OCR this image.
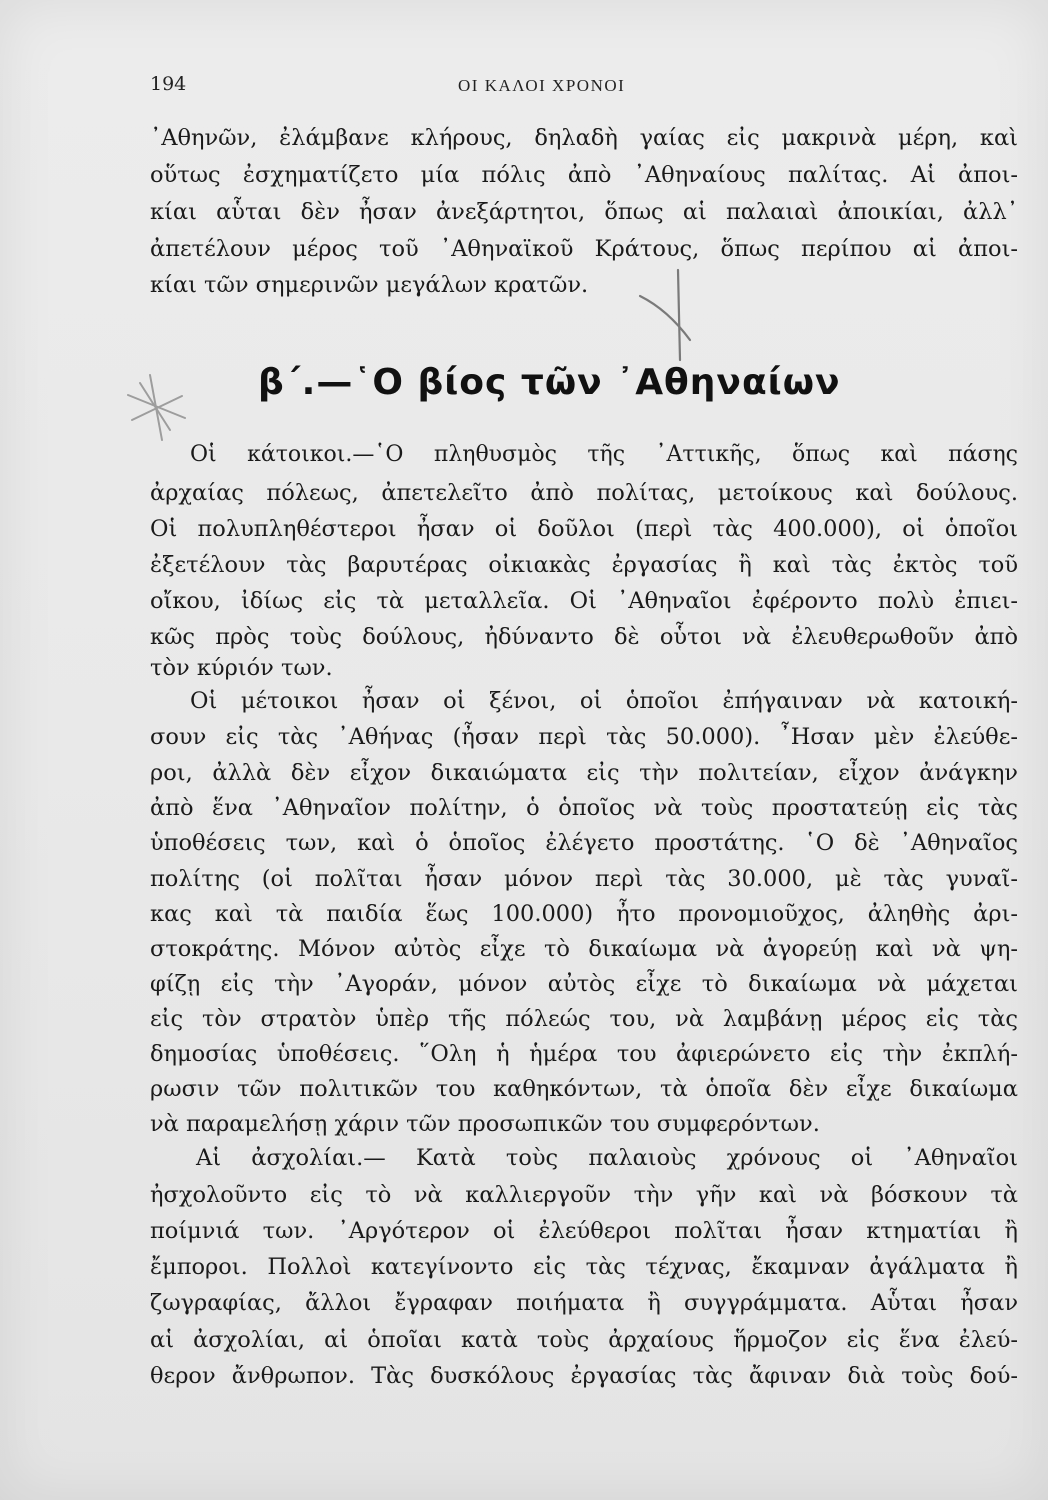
194	ΟΙ ΚΑΛΟΙ ΧΡΟΝΟΙ
᾿Αθηνῶν, ἐλάμβανε κλήρους, δηλαδὴ γαίας εἰς μακρινὰ μέρη, καὶ
οὕτως ἐσχηματίζετο μία πόλις ἀπὸ ᾿Αθηναίους παλίτας. Αἱ ἀποι-
κίαι αὗται δὲν ἦσαν ἀνεξάρτητοι, ὅπως αἱ παλαιαὶ ἀποικίαι, ἀλλ᾿
ἀπετέλουν μέρος τοῦ ᾿Αθηναϊκοῦ Κράτους, ὅπως περίπου αἱ ἀποι-
κίαι τῶν σημερινῶν μεγάλων κρατῶν.
β΄.—῾Ο βίος τῶν ᾿Αθηναίων
Οἱ κάτοικοι.—῾Ο πληθυσμὸς τῆς ᾿Αττικῆς, ὅπως καὶ πάσης
ἀρχαίας πόλεως, ἀπετελεῖτο ἀπὸ πολίτας, μετοίκους καὶ δούλους.
Οἱ πολυπληθέστεροι ἦσαν οἱ δοῦλοι (περὶ τὰς 400.000), οἱ ὁποῖοι
ἐξετέλουν τὰς βαρυτέρας οἰκιακὰς ἐργασίας ἢ καὶ τὰς ἐκτὸς τοῦ
οἴκου, ἰδίως εἰς τὰ μεταλλεῖα. Οἱ ᾿Αθηναῖοι ἐφέροντο πολὺ ἐπιει-
κῶς πρὸς τοὺς δούλους, ἠδύναντο δὲ οὗτοι νὰ ἐλευθερωθοῦν ἀπὸ
τὸν κύριόν των.
Οἱ μέτοικοι ἦσαν οἱ ξένοι, οἱ ὁποῖοι ἐπήγαιναν νὰ κατοική-
σουν εἰς τὰς ᾿Αθήνας (ἦσαν περὶ τὰς 50.000). ῏Ησαν μὲν ἐλεύθε-
ροι, ἀλλὰ δὲν εἶχον δικαιώματα εἰς τὴν πολιτείαν, εἶχον ἀνάγκην
ἀπὸ ἕνα ᾿Αθηναῖον πολίτην, ὁ ὁποῖος νὰ τοὺς προστατεύῃ εἰς τὰς
ὑποθέσεις των, καὶ ὁ ὁποῖος ἐλέγετο προστάτης. ῾Ο δὲ ᾿Αθηναῖος
πολίτης (οἱ πολῖται ἦσαν μόνον περὶ τὰς 30.000, μὲ τὰς γυναῖ-
κας καὶ τὰ παιδία ἕως 100.000) ἦτο προνομιοῦχος, ἀληθὴς ἀρι-
στοκράτης. Μόνον αὐτὸς εἶχε τὸ δικαίωμα νὰ ἀγορεύῃ καὶ νὰ ψη-
φίζῃ εἰς τὴν ᾿Αγοράν, μόνον αὐτὸς εἶχε τὸ δικαίωμα νὰ μάχεται
εἰς τὸν στρατὸν ὑπὲρ τῆς πόλεώς του, νὰ λαμβάνῃ μέρος εἰς τὰς
δημοσίας ὑποθέσεις. ῞Ολη ἡ ἡμέρα του ἀφιερώνετο εἰς τὴν ἐκπλή-
ρωσιν τῶν πολιτικῶν του καθηκόντων, τὰ ὁποῖα δὲν εἶχε δικαίωμα
νὰ παραμελήσῃ χάριν τῶν προσωπικῶν του συμφερόντων.
Αἱ ἀσχολίαι.— Κατὰ τοὺς παλαιοὺς χρόνους οἱ ᾿Αθηναῖοι
ἠσχολοῦντο εἰς τὸ νὰ καλλιεργοῦν τὴν γῆν καὶ νὰ βόσκουν τὰ
ποίμνιά των. ᾿Αργότερον οἱ ἐλεύθεροι πολῖται ἦσαν κτηματίαι ἢ
ἔμποροι. Πολλοὶ κατεγίνοντο εἰς τὰς τέχνας, ἔκαμναν ἀγάλματα ἢ
ζωγραφίας, ἄλλοι ἔγραφαν ποιήματα ἢ συγγράμματα. Αὗται ἦσαν
αἱ ἀσχολίαι, αἱ ὁποῖαι κατὰ τοὺς ἀρχαίους ἥρμοζον εἰς ἕνα ἐλεύ-
θερον ἄνθρωπον. Τὰς δυσκόλους ἐργασίας τὰς ἄφιναν διὰ τοὺς δού-
